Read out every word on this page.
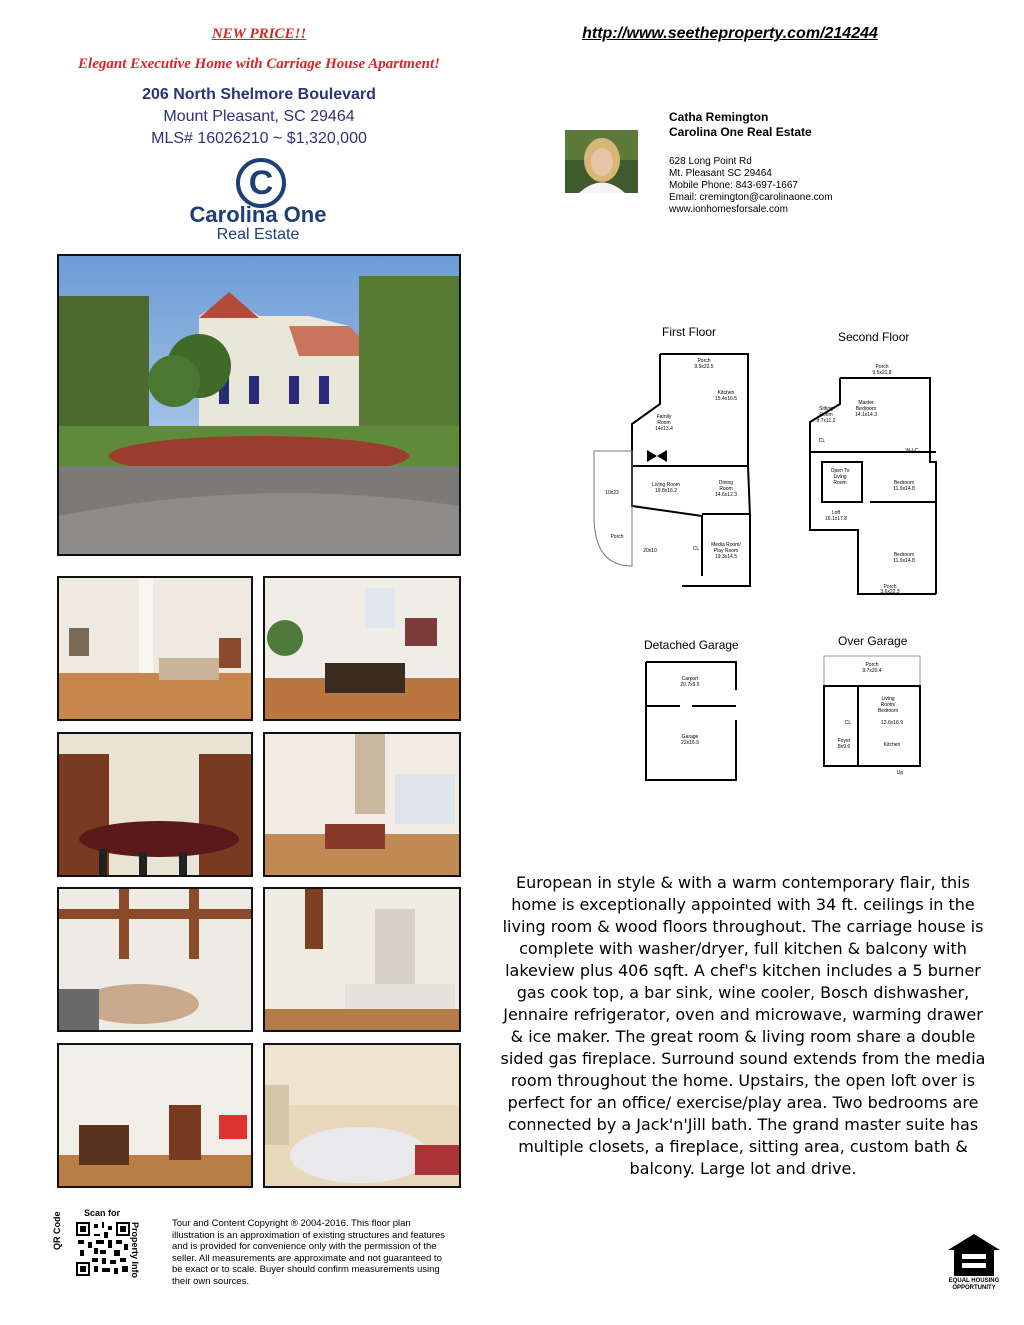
NEW PRICE!!
Elegant Executive Home with Carriage House Apartment!
http://www.seetheproperty.com/214244
206 North Shelmore Boulevard
Mount Pleasant, SC 29464
MLS# 16026210 ~ $1,320,000
C
Carolina One
Real Estate
Catha Remington
Carolina One Real Estate
628 Long Point Rd
Mt. Pleasant SC 29464
Mobile Phone: 843-697-1667
Email: cremington@carolinaone.com
www.ionhomesforsale.com
First Floor
Porch
9.9x22.5
Kitchen
15.4x16.5
Family
Room
14x13.4
Living Room
19.8x16.2
Dining
Room
14.6x12.3
10x23
Porch
20x10
Media Room/
Play Room
19.3x14.5
CL
Second Floor
Porch
9.5x21.8
Master
Bedroom
14.1x14.3
Sitting
Room
8.7x11.2
CL
W-I-C
Open To
Living
Room	Bedroom
11.9x14.8
Loft
16.1x17.8
Bedroom
11.9x14.8
Porch
3.6x22.3
Detached Garage
Carport
20.7x9.5
Garage
22x16.9
Over Garage
Porch
9.7x20.4
Living
Room/
Bedroom
13.6x16.9
CL
Foyer
8x9.6	Kitchen
Up
European in style & with a warm contemporary flair, this home is exceptionally appointed with 34 ft. ceilings in the living room & wood floors throughout. The carriage house is complete with washer/dryer, full kitchen & balcony with lakeview plus 406 sqft. A chef's kitchen includes a 5 burner gas cook top, a bar sink, wine cooler, Bosch dishwasher, Jennaire refrigerator, oven and microwave, warming drawer & ice maker. The great room & living room share a double sided gas fireplace. Surround sound extends from the media room throughout the home. Upstairs, the open loft over is perfect for an office/ exercise/play area. Two bedrooms are connected by a Jack'n'Jill bath. The grand master suite has multiple closets, a fireplace, sitting area, custom bath & balcony. Large lot and drive.
QR Code Scan for
Property Info	Tour and Content Copyright ® 2004-2016. This floor plan illustration is an approximation of existing structures and features and is provided for convenience only with the permission of the seller. All measurements are approximate and not guaranteed to be exact or to scale. Buyer should confirm measurements using their own sources.	EQUAL HOUSING
OPPORTUNITY
